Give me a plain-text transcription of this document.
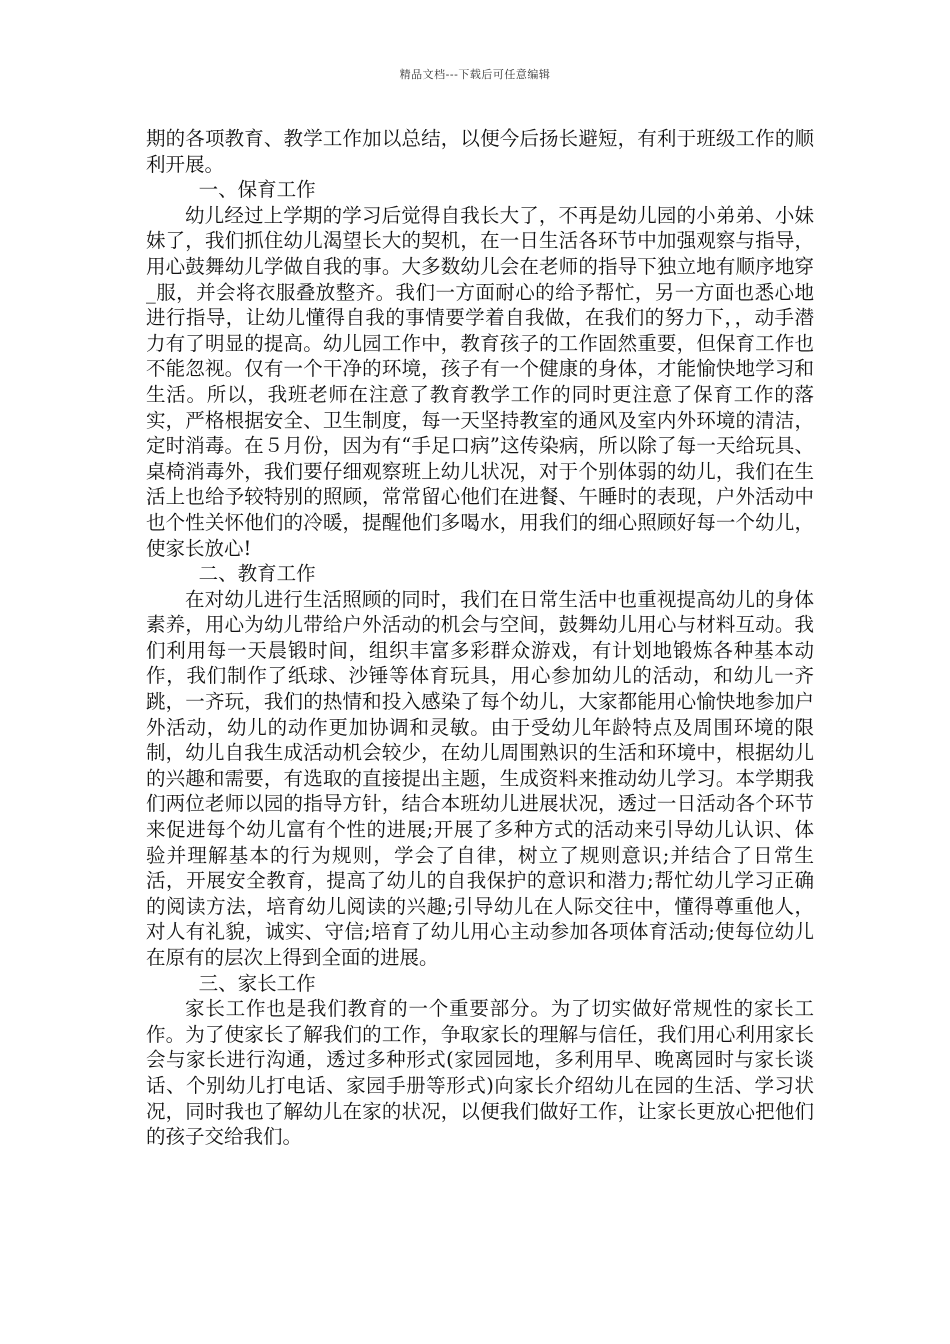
精品文档---下载后可任意编辑

期的各项教育、教学工作加以总结，以便今后扬长避短，有利于班级工作的顺利开展。

一、保育工作

幼儿经过上学期的学习后觉得自我长大了，不再是幼儿园的小弟弟、小妹妹了，我们抓住幼儿渴望长大的契机，在一日生活各环节中加强观察与指导，用心鼓舞幼儿学做自我的事。大多数幼儿会在老师的指导下独立地有顺序地穿_服，并会将衣服叠放整齐。我们一方面耐心的给予帮忙，另一方面也悉心地进行指导，让幼儿懂得自我的事情要学着自我做，在我们的努力下，，动手潜力有了明显的提高。幼儿园工作中，教育孩子的工作固然重要，但保育工作也不能忽视。仅有一个干净的环境，孩子有一个健康的身体，才能愉快地学习和生活。所以，我班老师在注意了教育教学工作的同时更注意了保育工作的落实，严格根据安全、卫生制度，每一天坚持教室的通风及室内外环境的清洁，定时消毒。在５月份，因为有“手足口病”这传染病，所以除了每一天给玩具、桌椅消毒外，我们要仔细观察班上幼儿状况，对于个别体弱的幼儿，我们在生活上也给予较特别的照顾，常常留心他们在进餐、午睡时的表现，户外活动中也个性关怀他们的冷暖，提醒他们多喝水，用我们的细心照顾好每一个幼儿，使家长放心!

二、教育工作

在对幼儿进行生活照顾的同时，我们在日常生活中也重视提高幼儿的身体素养，用心为幼儿带给户外活动的机会与空间，鼓舞幼儿用心与材料互动。我们利用每一天晨锻时间，组织丰富多彩群众游戏，有计划地锻炼各种基本动作，我们制作了纸球、沙锤等体育玩具，用心参加幼儿的活动，和幼儿一齐跳，一齐玩，我们的热情和投入感染了每个幼儿，大家都能用心愉快地参加户外活动，幼儿的动作更加协调和灵敏。由于受幼儿年龄特点及周围环境的限制，幼儿自我生成活动机会较少，在幼儿周围熟识的生活和环境中，根据幼儿的兴趣和需要，有选取的直接提出主题，生成资料来推动幼儿学习。本学期我们两位老师以园的指导方针，结合本班幼儿进展状况，透过一日活动各个环节来促进每个幼儿富有个性的进展;开展了多种方式的活动来引导幼儿认识、体验并理解基本的行为规则，学会了自律，树立了规则意识;并结合了日常生活，开展安全教育，提高了幼儿的自我保护的意识和潜力;帮忙幼儿学习正确的阅读方法，培育幼儿阅读的兴趣;引导幼儿在人际交往中，懂得尊重他人，对人有礼貌，诚实、守信;培育了幼儿用心主动参加各项体育活动;使每位幼儿在原有的层次上得到全面的进展。

三、家长工作

家长工作也是我们教育的一个重要部分。为了切实做好常规性的家长工作。为了使家长了解我们的工作，争取家长的理解与信任，我们用心利用家长会与家长进行沟通，透过多种形式(家园园地，多利用早、晚离园时与家长谈话、个别幼儿打电话、家园手册等形式)向家长介绍幼儿在园的生活、学习状况，同时我也了解幼儿在家的状况，以便我们做好工作，让家长更放心把他们的孩子交给我们。
